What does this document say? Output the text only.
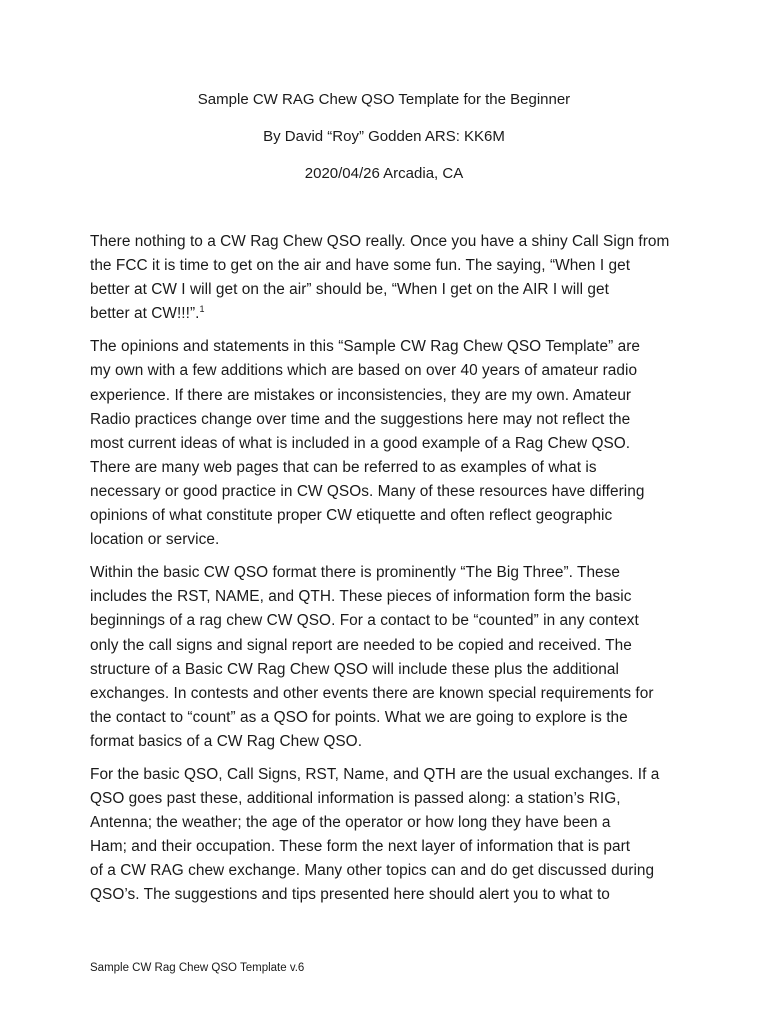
Sample CW RAG Chew QSO Template for the Beginner

By David “Roy” Godden ARS: KK6M

2020/04/26 Arcadia, CA

There nothing to a CW Rag Chew QSO really. Once you have a shiny Call Sign from
the FCC it is time to get on the air and have some fun. The saying, “When I get
better at CW I will get on the air” should be, “When I get on the AIR I will get
better at CW!!!”.$^1$

The opinions and statements in this “Sample CW Rag Chew QSO Template” are
my own with a few additions which are based on over 40 years of amateur radio
experience. If there are mistakes or inconsistencies, they are my own. Amateur
Radio practices change over time and the suggestions here may not reflect the
most current ideas of what is included in a good example of a Rag Chew QSO.
There are many web pages that can be referred to as examples of what is
necessary or good practice in CW QSOs. Many of these resources have differing
opinions of what constitute proper CW etiquette and often reflect geographic
location or service.

Within the basic CW QSO format there is prominently “The Big Three”. These
includes the RST, NAME, and QTH. These pieces of information form the basic
beginnings of a rag chew CW QSO. For a contact to be “counted” in any context
only the call signs and signal report are needed to be copied and received. The
structure of a Basic CW Rag Chew QSO will include these plus the additional
exchanges. In contests and other events there are known special requirements for
the contact to “count” as a QSO for points. What we are going to explore is the
format basics of a CW Rag Chew QSO.

For the basic QSO, Call Signs, RST, Name, and QTH are the usual exchanges. If a
QSO goes past these, additional information is passed along: a station’s RIG,
Antenna; the weather; the age of the operator or how long they have been a
Ham; and their occupation. These form the next layer of information that is part
of a CW RAG chew exchange. Many other topics can and do get discussed during
QSO’s. The suggestions and tips presented here should alert you to what to

Sample CW Rag Chew QSO Template v.6
